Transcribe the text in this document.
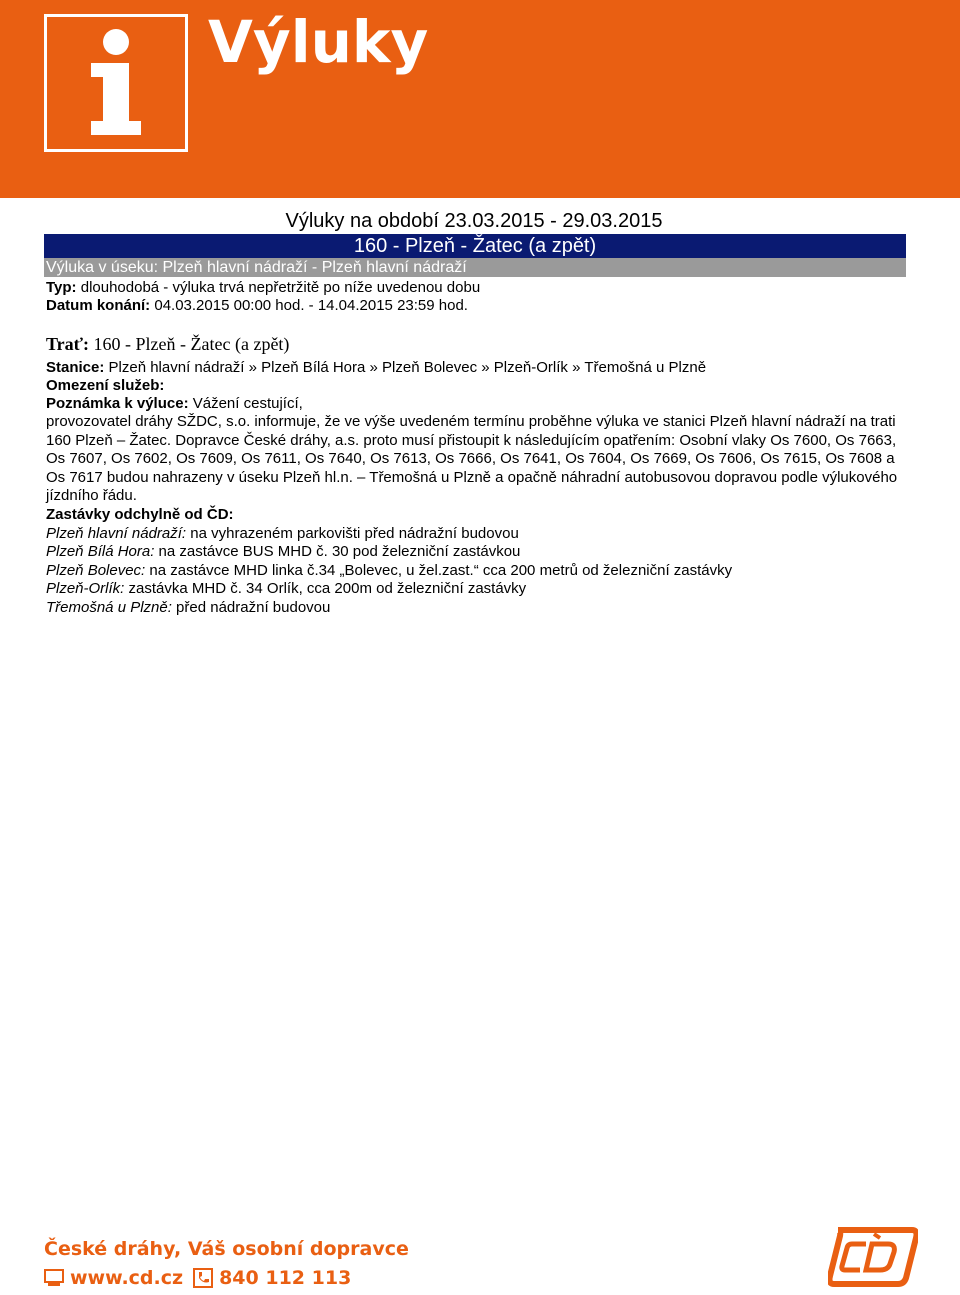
Výluky
Výluky na období 23.03.2015 - 29.03.2015
160 - Plzeň - Žatec (a zpět)
Výluka v úseku: Plzeň hlavní nádraží - Plzeň hlavní nádraží
Typ: dlouhodobá - výluka trvá nepřetržitě po níže uvedenou dobu
Datum konání: 04.03.2015 00:00 hod. - 14.04.2015 23:59 hod.
Trať: 160 - Plzeň - Žatec (a zpět)
Stanice: Plzeň hlavní nádraží » Plzeň Bílá Hora » Plzeň Bolevec » Plzeň-Orlík » Třemošná u Plzně
Omezení služeb:
Poznámka k výluce: Vážení cestující,
provozovatel dráhy SŽDC, s.o. informuje, že ve výše uvedeném termínu proběhne výluka ve stanici Plzeň hlavní nádraží na trati 160 Plzeň – Žatec. Dopravce České dráhy, a.s. proto musí přistoupit k následujícím opatřením: Osobní vlaky Os 7600, Os 7663, Os 7607, Os 7602, Os 7609, Os 7611, Os 7640, Os 7613, Os 7666, Os 7641, Os 7604, Os 7669, Os 7606, Os 7615, Os 7608 a Os 7617 budou nahrazeny v úseku Plzeň hl.n. – Třemošná u Plzně a opačně náhradní autobusovou dopravou podle výlukového jízdního řádu.
Zastávky odchylně od ČD:
Plzeň hlavní nádraží: na vyhrazeném parkovišti před nádražní budovou
Plzeň Bílá Hora: na zastávce BUS MHD č. 30 pod železniční zastávkou
Plzeň Bolevec: na zastávce MHD linka č.34 „Bolevec, u žel.zast.“ cca 200 metrů od železniční zastávky
Plzeň-Orlík: zastávka MHD č. 34 Orlík, cca 200m od železniční zastávky
Třemošná u Plzně: před nádražní budovou
České dráhy, Váš osobní dopravce
www.cd.cz 840 112 113
